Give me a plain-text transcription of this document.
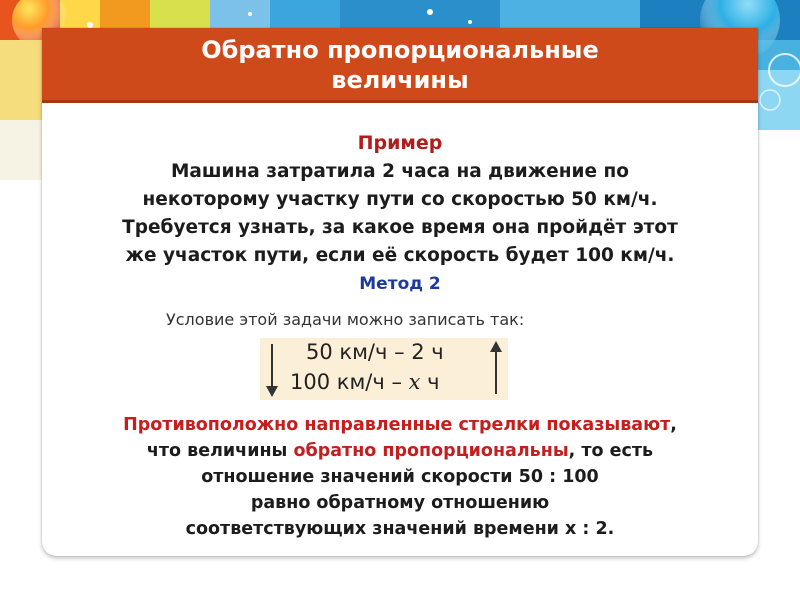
Обратно пропорциональные
величины
Пример
Машина затратила 2 часа на движение по
некоторому участку пути со скоростью 50 км/ч.
Требуется узнать, за какое время она пройдёт этот
же участок пути, если её скорость будет 100 км/ч.
Метод 2
Условие этой задачи можно записать так:
50 км/ч – 2 ч
100 км/ч – x ч
Противоположно направленные стрелки показывают,
что величины обратно пропорциональны, то есть
отношение значений скорости 50 : 100
равно обратному отношению
соответствующих значений времени x : 2.
